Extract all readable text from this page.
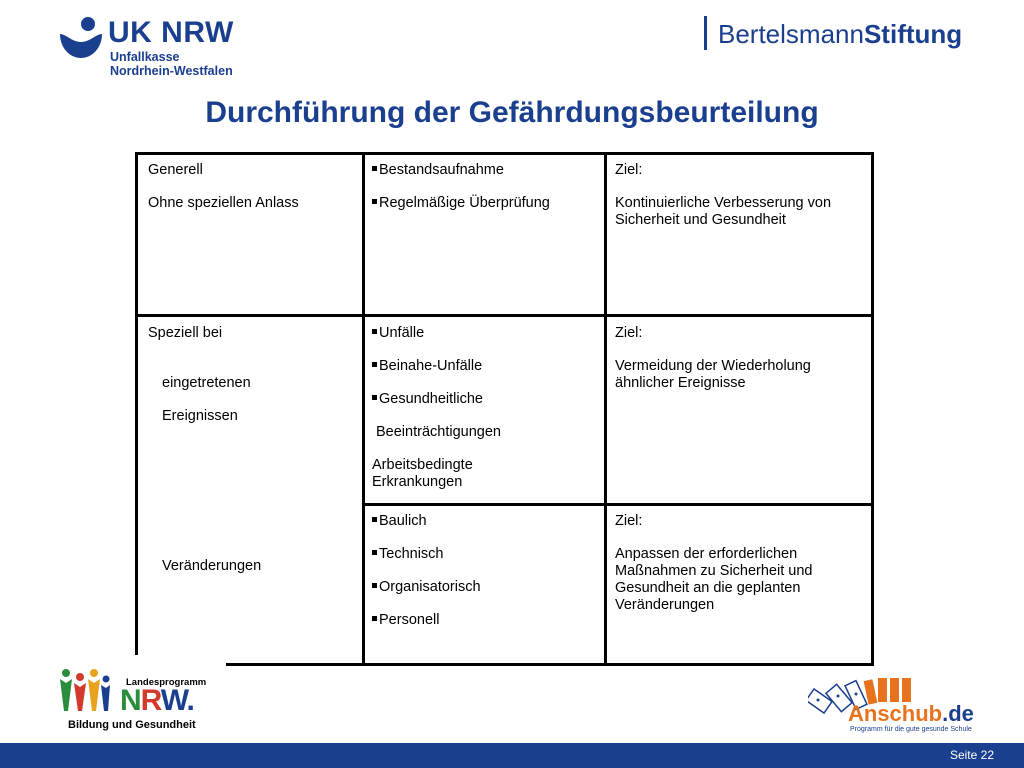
UK NRW
Unfallkasse
Nordrhein-Westfalen
BertelsmannStiftung
Durchführung der Gefährdungsbeurteilung

Generell

Ohne speziellen Anlass

Bestandsaufnahme

Regelmäßige Überprüfung

Ziel:

Kontinuierliche Verbesserung von Sicherheit und Gesundheit

Speziell bei

eingetretenen

Ereignissen

Unfälle

Beinahe-Unfälle

Gesundheitliche

Beeinträchtigungen

Arbeitsbedingte Erkrankungen

Ziel:

Vermeidung der Wiederholung ähnlicher Ereignisse

Veränderungen

Baulich

Technisch

Organisatorisch

Personell

Ziel:

Anpassen der erforderlichen Maßnahmen zu Sicherheit und Gesundheit an die geplanten Veränderungen

Landesprogramm
NRW.
Bildung und Gesundheit	Anschub.de
Programm für die gute gesunde Schule
Seite 22
